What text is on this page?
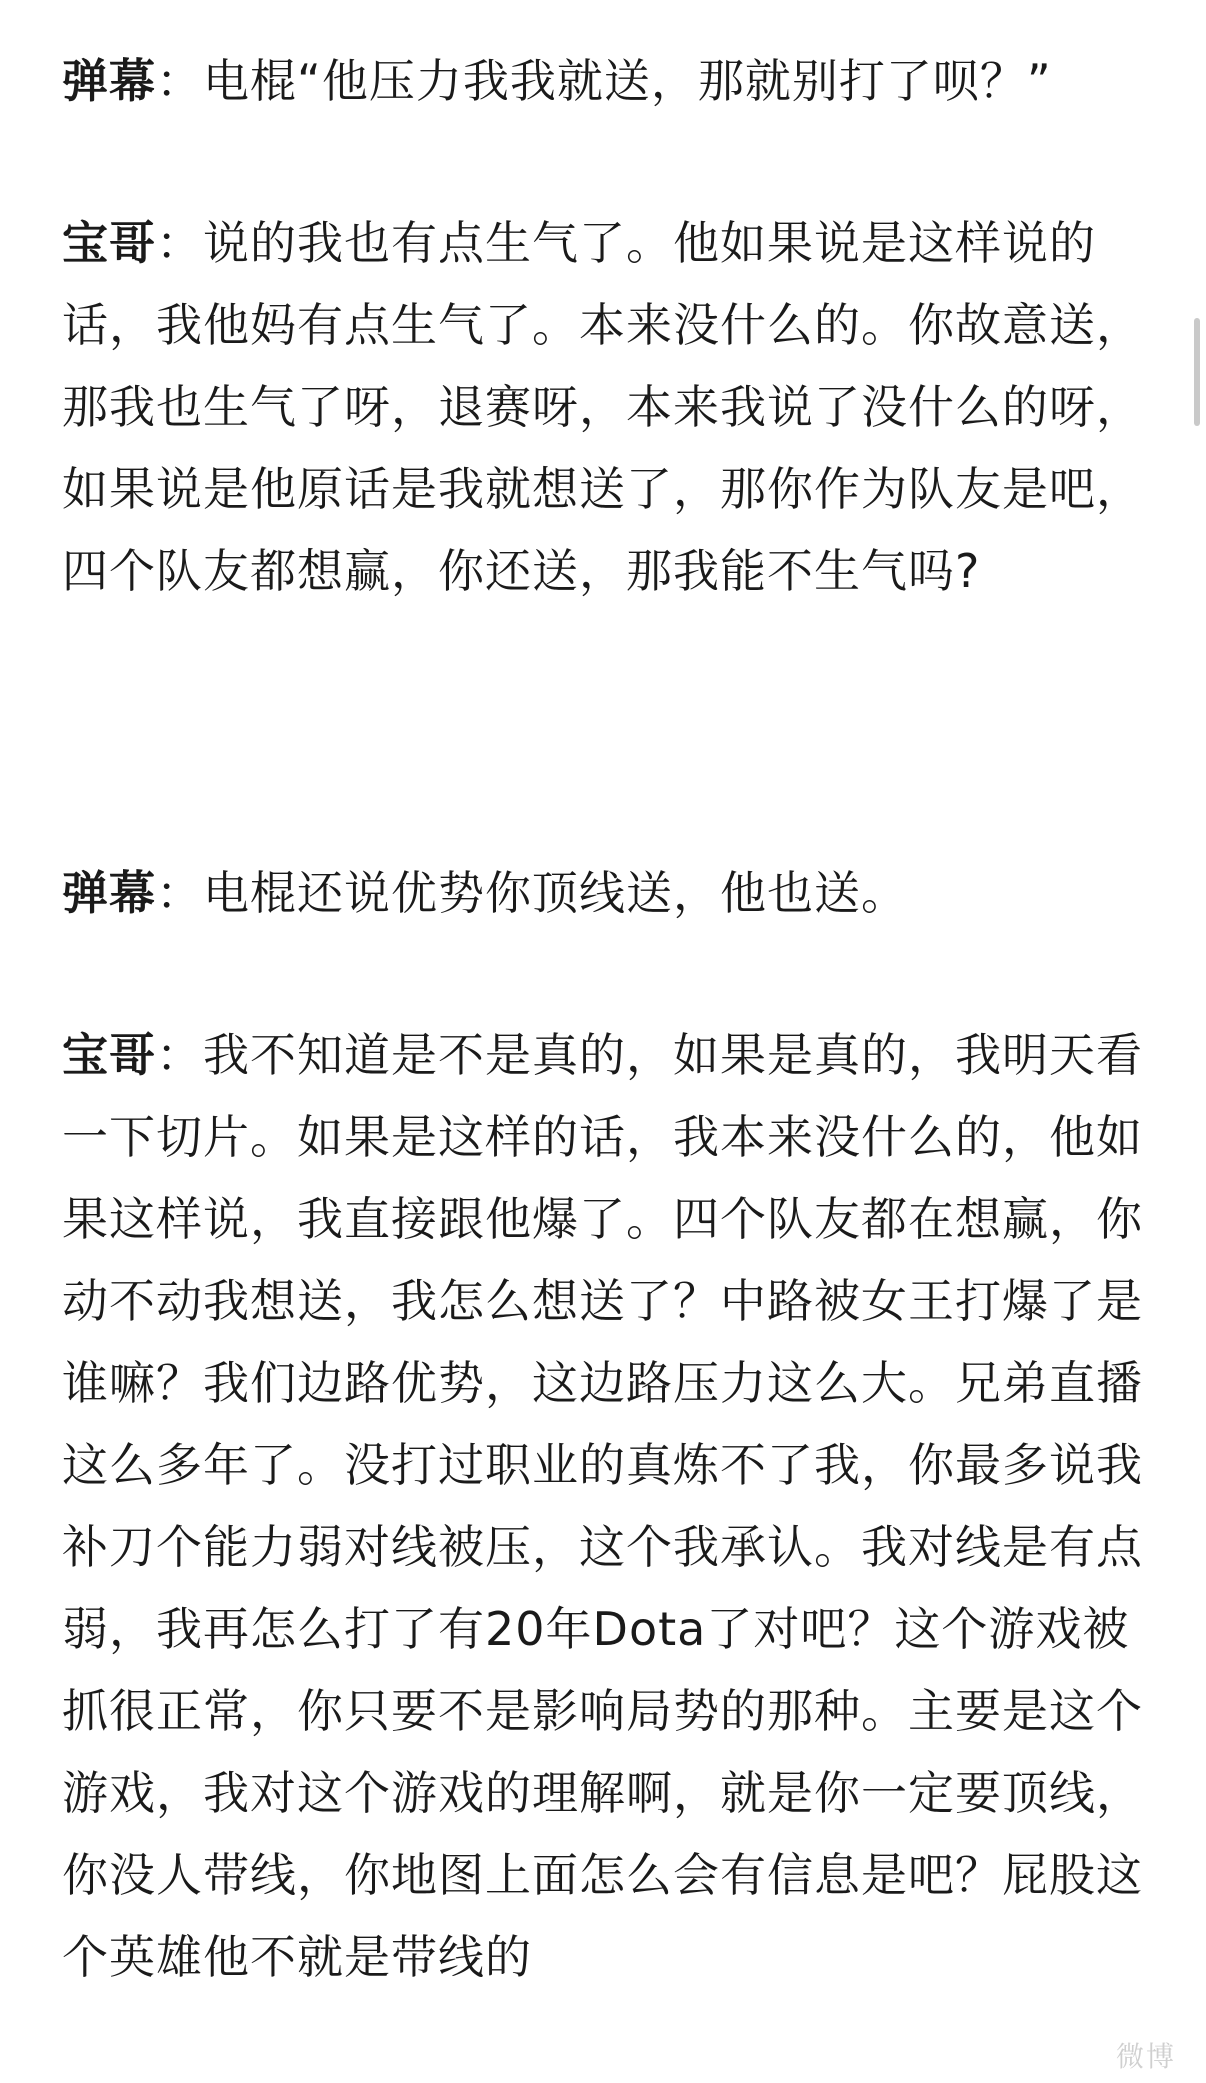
弹幕：电棍“他压力我我就送，那就别打了呗？”

宝哥：说的我也有点生气了。他如果说是这样说的话，我他妈有点生气了。本来没什么的。你故意送，那我也生气了呀，退赛呀，本来我说了没什么的呀，如果说是他原话是我就想送了，那你作为队友是吧，四个队友都想赢，你还送，那我能不生气吗?

弹幕：电棍还说优势你顶线送，他也送。

宝哥：我不知道是不是真的，如果是真的，我明天看一下切片。如果是这样的话，我本来没什么的，他如果这样说，我直接跟他爆了。四个队友都在想赢，你动不动我想送，我怎么想送了？中路被女王打爆了是谁嘛？我们边路优势，这边路压力这么大。兄弟直播这么多年了。没打过职业的真炼不了我，你最多说我补刀个能力弱对线被压，这个我承认。我对线是有点弱，我再怎么打了有20年Dota了对吧？这个游戏被抓很正常，你只要不是影响局势的那种。主要是这个游戏，我对这个游戏的理解啊，就是你一定要顶线，你没人带线，你地图上面怎么会有信息是吧？屁股这个英雄他不就是带线的

微博
